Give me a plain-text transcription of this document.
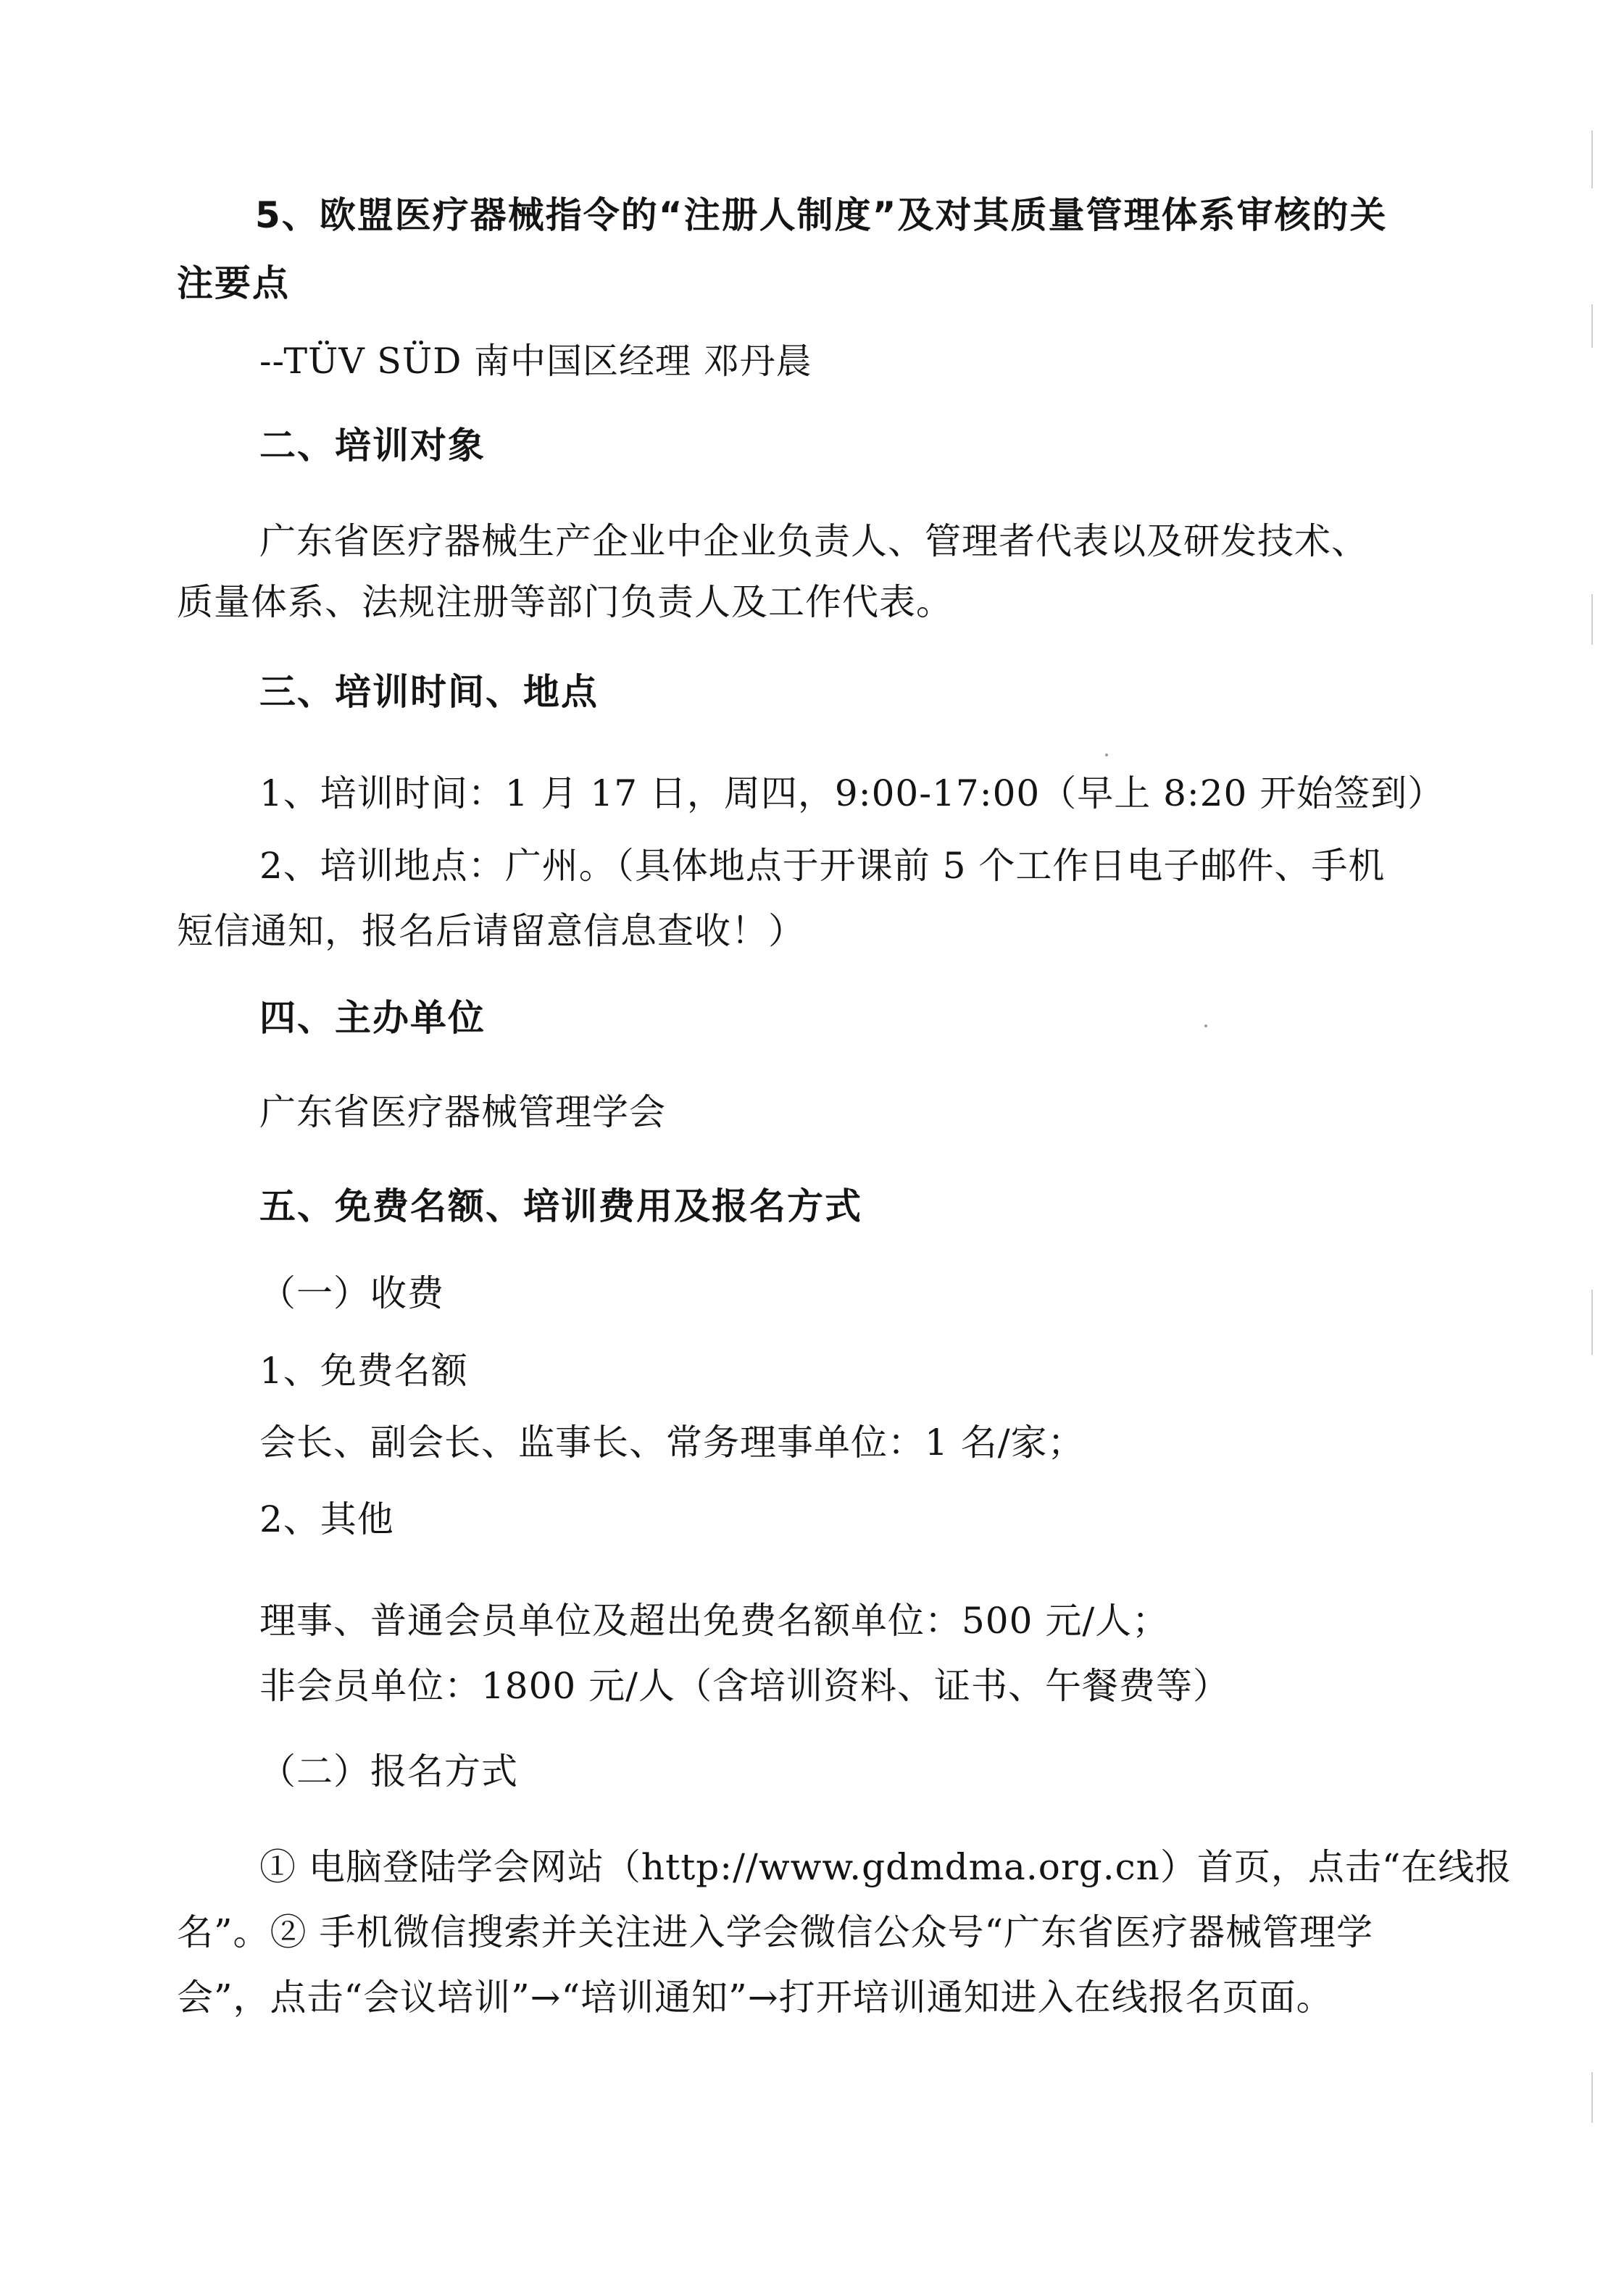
5、欧盟医疗器械指令的“注册人制度”及对其质量管理体系审核的关
注要点
--TÜV SÜD 南中国区经理 邓丹晨
二、培训对象
广东省医疗器械生产企业中企业负责人、管理者代表以及研发技术、
质量体系、法规注册等部门负责人及工作代表。
三、培训时间、地点
1、培训时间：1 月 17 日，周四，9:00-17:00（早上 8:20 开始签到）
2、培训地点：广州。（具体地点于开课前 5 个工作日电子邮件、手机
短信通知，报名后请留意信息查收！）
四、主办单位
广东省医疗器械管理学会
五、免费名额、培训费用及报名方式
（一）收费
1、免费名额
会长、副会长、监事长、常务理事单位：1 名/家；
2、其他
理事、普通会员单位及超出免费名额单位：500 元/人；
非会员单位：1800 元/人（含培训资料、证书、午餐费等）
（二）报名方式
① 电脑登陆学会网站（http://www.gdmdma.org.cn）首页，点击“在线报
名”。② 手机微信搜索并关注进入学会微信公众号“广东省医疗器械管理学
会”，点击“会议培训”→“培训通知”→打开培训通知进入在线报名页面。
